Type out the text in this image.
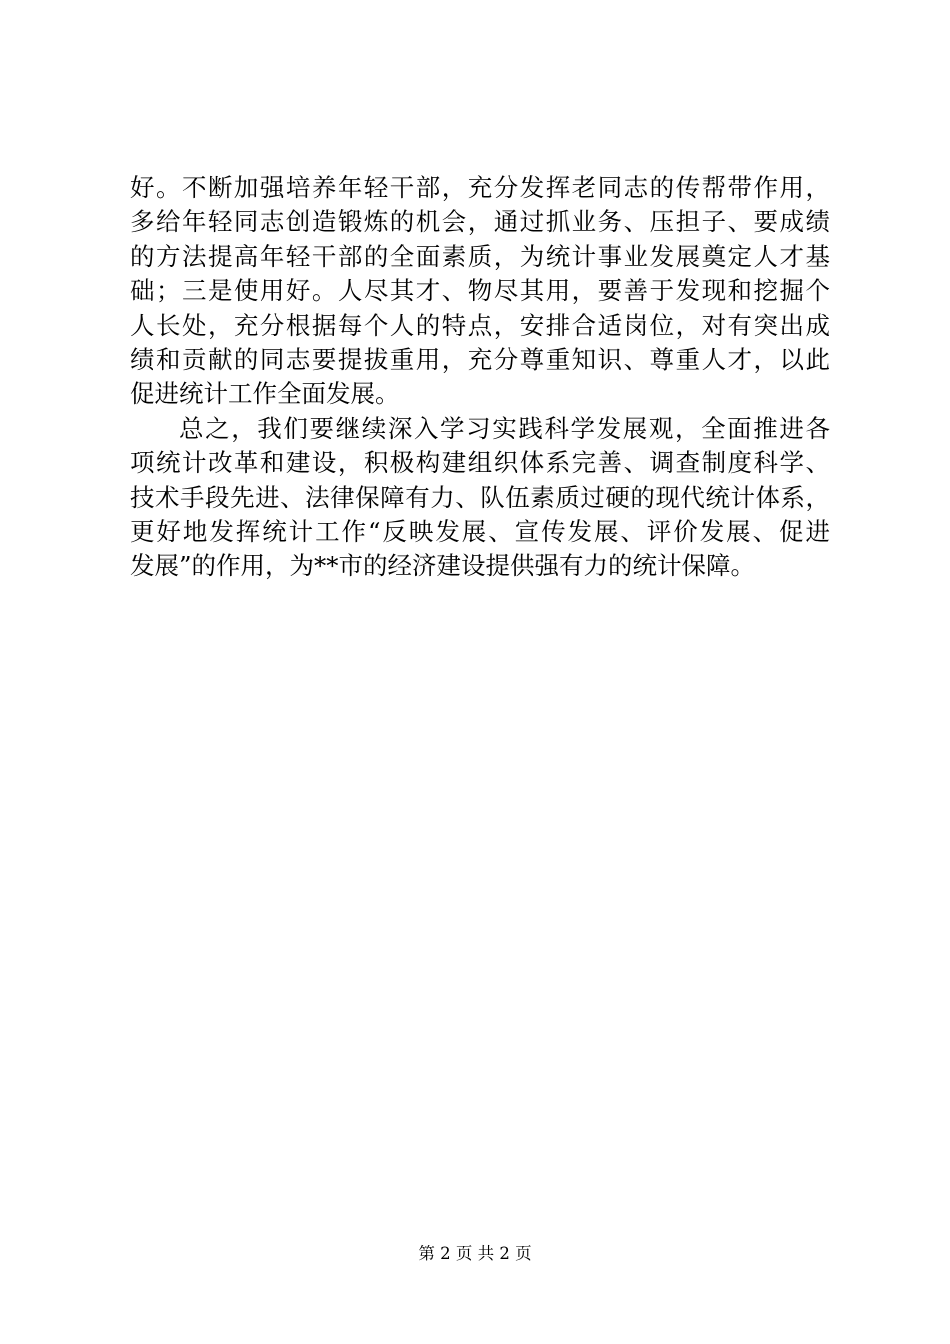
好。不断加强培养年轻干部，充分发挥老同志的传帮带作用，
多给年轻同志创造锻炼的机会，通过抓业务、压担子、要成绩
的方法提高年轻干部的全面素质，为统计事业发展奠定人才基
础；三是使用好。人尽其才、物尽其用，要善于发现和挖掘个
人长处，充分根据每个人的特点，安排合适岗位，对有突出成
绩和贡献的同志要提拔重用，充分尊重知识、尊重人才，以此
促进统计工作全面发展。
总之，我们要继续深入学习实践科学发展观，全面推进各
项统计改革和建设，积极构建组织体系完善、调查制度科学、
技术手段先进、法律保障有力、队伍素质过硬的现代统计体系，
更好地发挥统计工作“反映发展、宣传发展、评价发展、促进
发展”的作用，为**市的经济建设提供强有力的统计保障。
第 2 页 共 2 页
